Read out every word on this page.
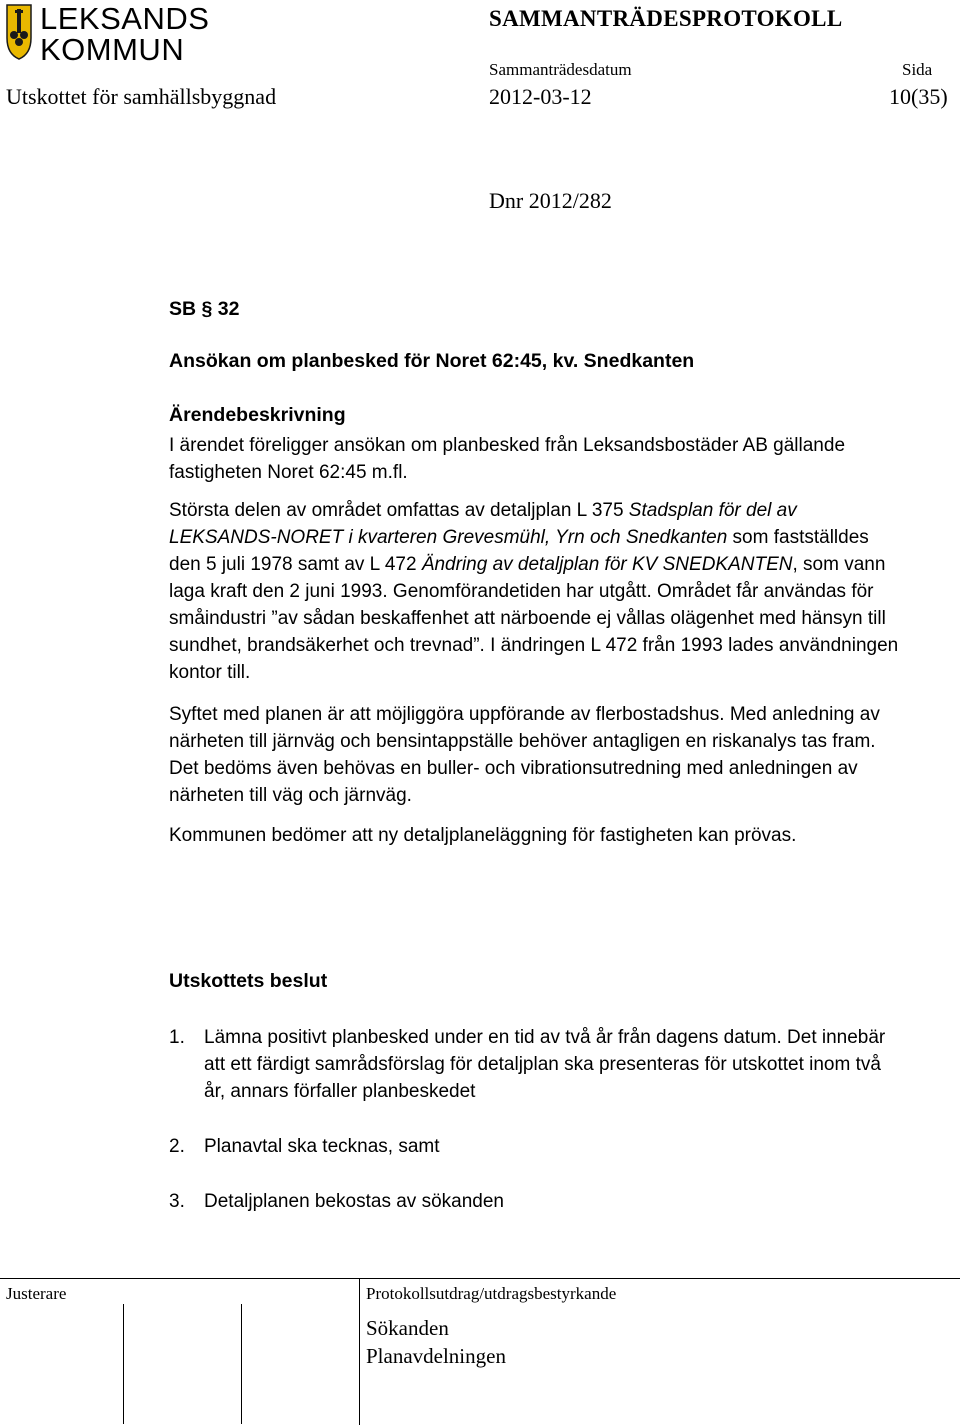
LEKSANDS
KOMMUN
SAMMANTRÄDESPROTOKOLL
Sammanträdesdatum	Sida
Utskottet för samhällsbyggnad	2012-03-12	10(35)
Dnr 2012/282
SB § 32
Ansökan om planbesked för Noret 62:45, kv. Snedkanten
Ärendebeskrivning
I ärendet föreligger ansökan om planbesked från Leksandsbostäder AB gällande fastigheten Noret 62:45 m.fl.
Största delen av området omfattas av detaljplan L 375 Stadsplan för del av LEKSANDS-NORET i kvarteren Grevesmühl, Yrn och Snedkanten som fastställdes den 5 juli 1978 samt av L 472 Ändring av detaljplan för KV SNEDKANTEN, som vann laga kraft den 2 juni 1993. Genomförandetiden har utgått. Området får användas för småindustri ”av sådan beskaffenhet att närboende ej vållas olägenhet med hänsyn till sundhet, brandsäkerhet och trevnad”. I ändringen L 472 från 1993 lades användningen kontor till.
Syftet med planen är att möjliggöra uppförande av flerbostadshus. Med anledning av närheten till järnväg och bensintappställe behöver antagligen en riskanalys tas fram. Det bedöms även behövas en buller- och vibrationsutredning med anledningen av närheten till väg och järnväg.
Kommunen bedömer att ny detaljplaneläggning för fastigheten kan prövas.
Utskottets beslut
1.	Lämna positivt planbesked under en tid av två år från dagens datum. Det innebär att ett färdigt samrådsförslag för detaljplan ska presenteras för utskottet inom två år, annars förfaller planbeskedet
2.	Planavtal ska tecknas, samt
3.	Detaljplanen bekostas av sökanden
Justerare	Protokollsutdrag/utdragsbestyrkande
Sökanden
Planavdelningen
